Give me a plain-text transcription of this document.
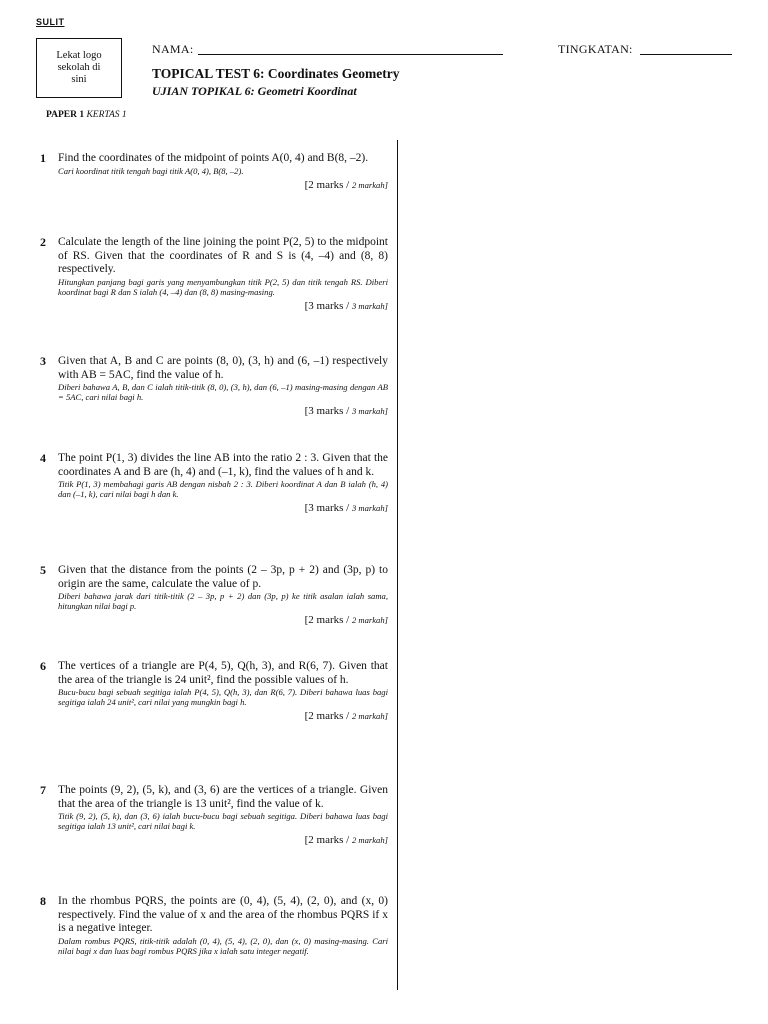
SULIT
Lekat logo sekolah di sini
NAMA:	TINGKATAN:
TOPICAL TEST 6: Coordinates Geometry
UJIAN TOPIKAL 6: Geometri Koordinat
PAPER 1 KERTAS 1
1 Find the coordinates of the midpoint of points A(0, 4) and B(8, –2).
Cari koordinat titik tengah bagi titik A(0, 4), B(8, –2).
[2 marks / 2 markah]
2 Calculate the length of the line joining the point P(2, 5) to the midpoint of RS. Given that the coordinates of R and S is (4, –4) and (8, 8) respectively.
Hitungkan panjang bagi garis yang menyambungkan titik P(2, 5) dan titik tengah RS. Diberi koordinat bagi R dan S ialah (4, –4) dan (8, 8) masing-masing.
[3 marks / 3 markah]
3 Given that A, B and C are points (8, 0), (3, h) and (6, –1) respectively with AB = 5AC, find the value of h.
Diberi bahawa A, B, dan C ialah titik-titik (8, 0), (3, h), dan (6, –1) masing-masing dengan AB = 5AC, cari nilai bagi h.
[3 marks / 3 markah]
4 The point P(1, 3) divides the line AB into the ratio 2 : 3. Given that the coordinates A and B are (h, 4) and (–1, k), find the values of h and k.
Titik P(1, 3) membahagi garis AB dengan nisbah 2 : 3. Diberi koordinat A dan B ialah (h, 4) dan (–1, k), cari nilai bagi h dan k.
[3 marks / 3 markah]
5 Given that the distance from the points (2 – 3p, p + 2) and (3p, p) to origin are the same, calculate the value of p.
Diberi bahawa jarak dari titik-titik (2 – 3p, p + 2) dan (3p, p) ke titik asalan ialah sama, hitungkan nilai bagi p.
[2 marks / 2 markah]
6 The vertices of a triangle are P(4, 5), Q(h, 3), and R(6, 7). Given that the area of the triangle is 24 unit², find the possible values of h.
Bucu-bucu bagi sebuah segitiga ialah P(4, 5), Q(h, 3), dan R(6, 7). Diberi bahawa luas bagi segitiga ialah 24 unit², cari nilai yang mungkin bagi h.
[2 marks / 2 markah]
7 The points (9, 2), (5, k), and (3, 6) are the vertices of a triangle. Given that the area of the triangle is 13 unit², find the value of k.
Titik (9, 2), (5, k), dan (3, 6) ialah bucu-bucu bagi sebuah segitiga. Diberi bahawa luas bagi segitiga ialah 13 unit², cari nilai bagi k.
[2 marks / 2 markah]
8 In the rhombus PQRS, the points are (0, 4), (5, 4), (2, 0), and (x, 0) respectively. Find the value of x and the area of the rhombus PQRS if x is a negative integer.
Dalam rombus PQRS, titik-titik adalah (0, 4), (5, 4), (2, 0), dan (x, 0) masing-masing. Cari nilai bagi x dan luas bagi rombus PQRS jika x ialah satu integer negatif.
